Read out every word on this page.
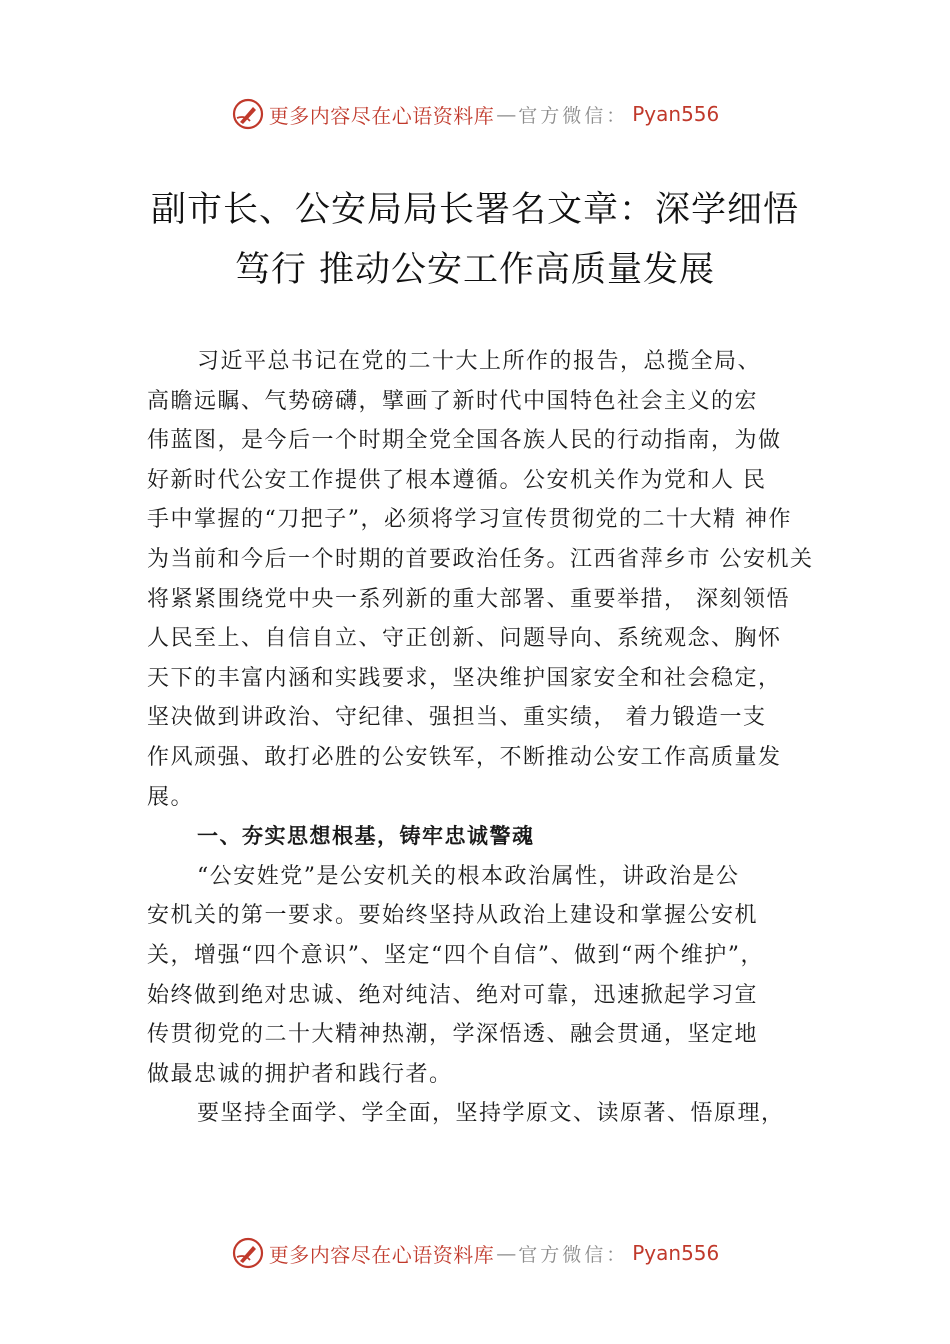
更多内容尽在心语资料库 — 官方微信： Pyan556
副市长、公安局局长署名文章：深学细悟
笃行 推动公安工作高质量发展
习近平总书记在党的二十大上所作的报告，总揽全局、
高瞻远瞩、气势磅礴，擘画了新时代中国特色社会主义的宏
伟蓝图，是今后一个时期全党全国各族人民的行动指南，为做
好新时代公安工作提供了根本遵循。公安机关作为党和人 民
手中掌握的“刀把子”，必须将学习宣传贯彻党的二十大精 神作
为当前和今后一个时期的首要政治任务。江西省萍乡市 公安机关
将紧紧围绕党中央一系列新的重大部署、重要举措， 深刻领悟
人民至上、自信自立、守正创新、问题导向、系统观念、胸怀
天下的丰富内涵和实践要求，坚决维护国家安全和社会稳定，
坚决做到讲政治、守纪律、强担当、重实绩， 着力锻造一支
作风顽强、敢打必胜的公安铁军，不断推动公安工作高质量发
展。
一、夯实思想根基，铸牢忠诚警魂
“公安姓党”是公安机关的根本政治属性，讲政治是公
安机关的第一要求。要始终坚持从政治上建设和掌握公安机
关，增强“四个意识”、坚定“四个自信”、做到“两个维护”，
始终做到绝对忠诚、绝对纯洁、绝对可靠，迅速掀起学习宣
传贯彻党的二十大精神热潮，学深悟透、融会贯通，坚定地
做最忠诚的拥护者和践行者。
要坚持全面学、学全面，坚持学原文、读原著、悟原理，
更多内容尽在心语资料库 — 官方微信： Pyan556
